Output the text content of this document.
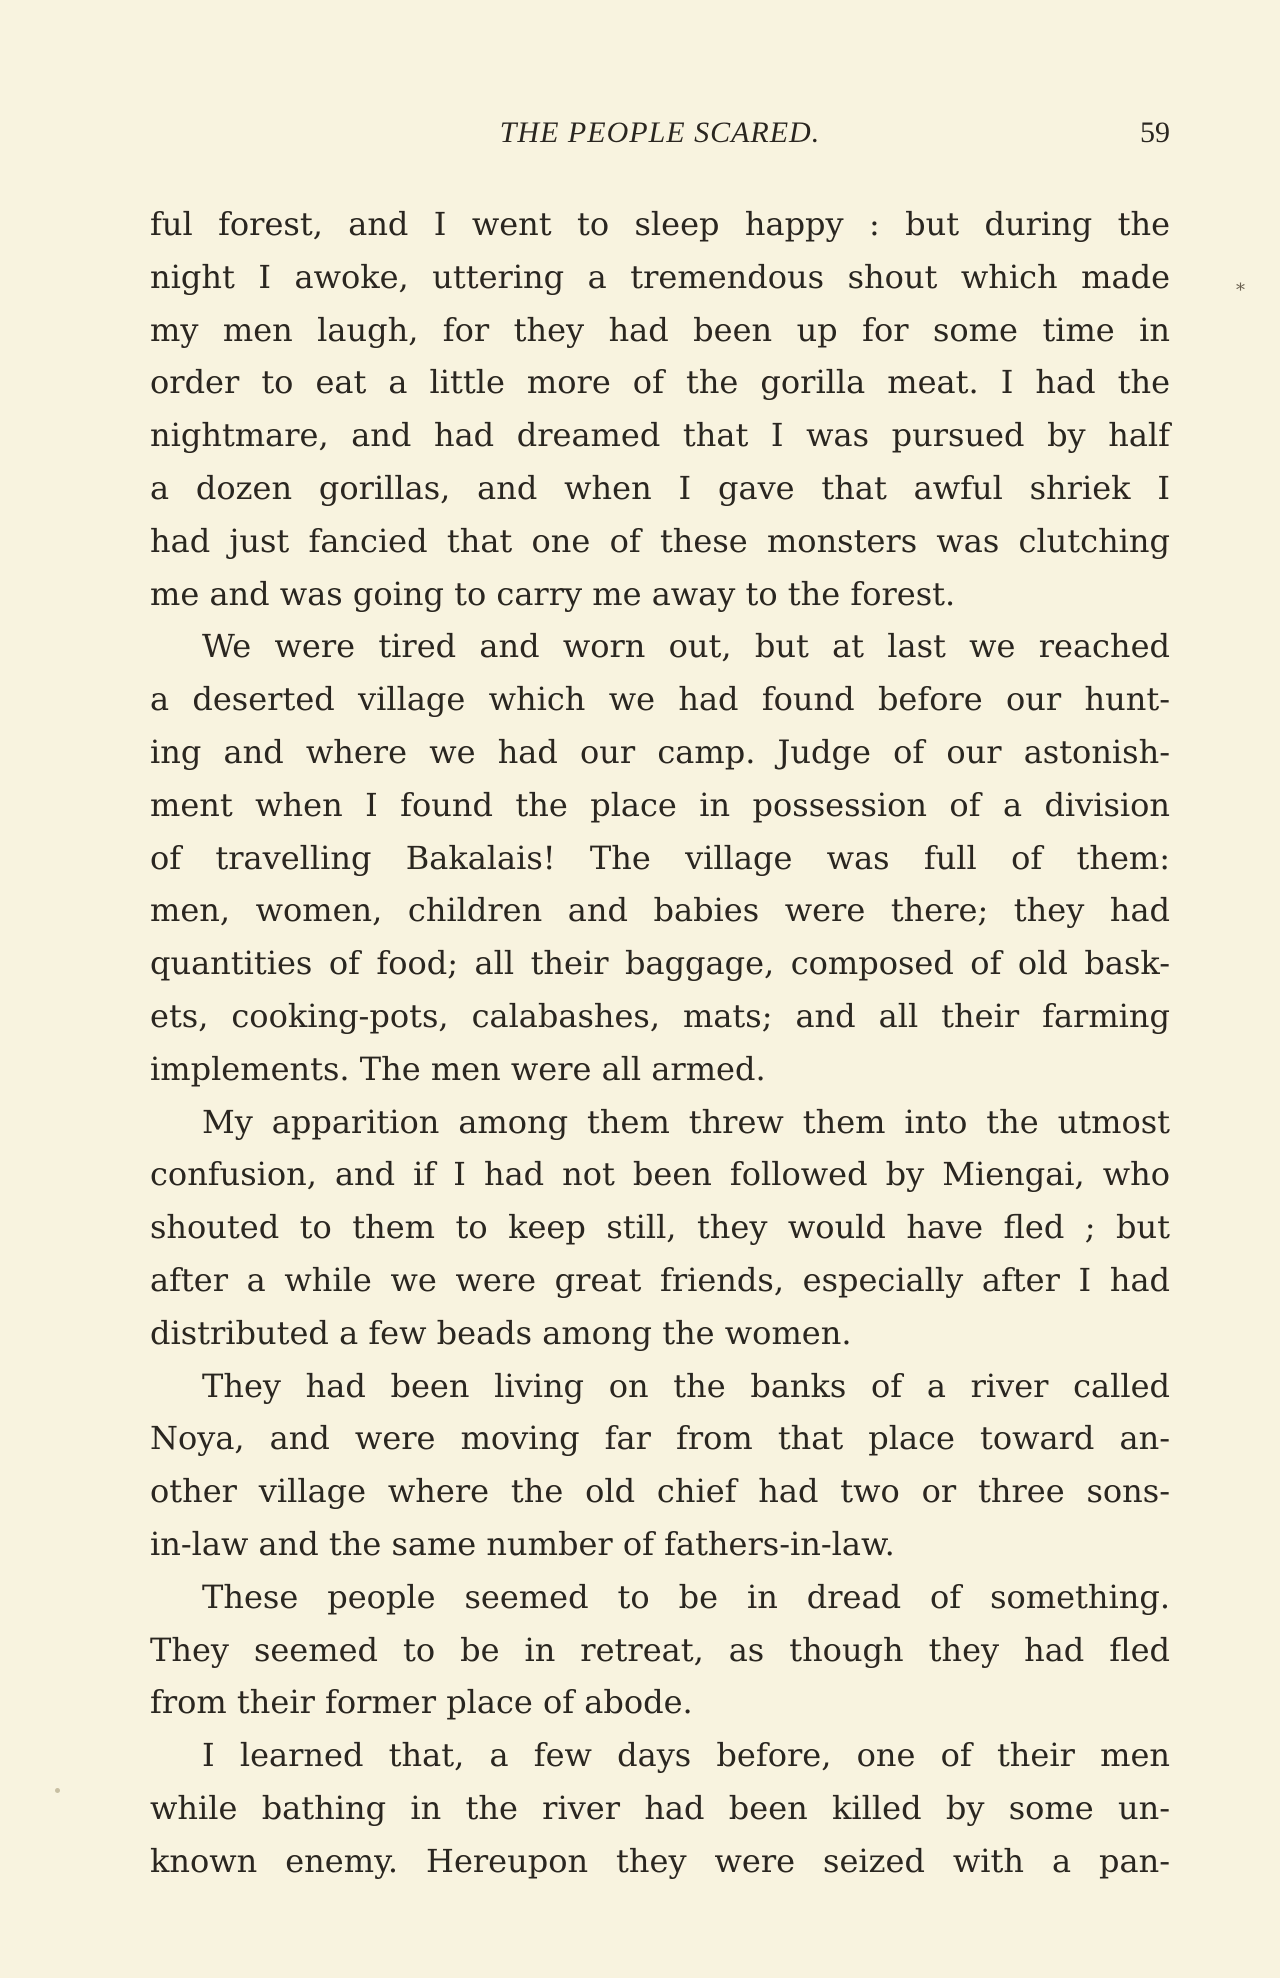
THE PEOPLE SCARED.	59
ful forest, and I went to sleep happy : but during the
night I awoke, uttering a tremendous shout which made
my men laugh, for they had been up for some time in
order to eat a little more of the gorilla meat. I had the
nightmare, and had dreamed that I was pursued by half
a dozen gorillas, and when I gave that awful shriek I
had just fancied that one of these monsters was clutching
me and was going to carry me away to the forest.
We were tired and worn out, but at last we reached
a deserted village which we had found before our hunt-
ing and where we had our camp. Judge of our astonish-
ment when I found the place in possession of a division
of travelling Bakalais! The village was full of them:
men, women, children and babies were there; they had
quantities of food; all their baggage, composed of old bask-
ets, cooking-pots, calabashes, mats; and all their farming
implements. The men were all armed.
My apparition among them threw them into the utmost
confusion, and if I had not been followed by Miengai, who
shouted to them to keep still, they would have fled ; but
after a while we were great friends, especially after I had
distributed a few beads among the women.
They had been living on the banks of a river called
Noya, and were moving far from that place toward an-
other village where the old chief had two or three sons-
in-law and the same number of fathers-in-law.
These people seemed to be in dread of something.
They seemed to be in retreat, as though they had fled
from their former place of abode.
I learned that, a few days before, one of their men
while bathing in the river had been killed by some un-
known enemy. Hereupon they were seized with a pan-
*
